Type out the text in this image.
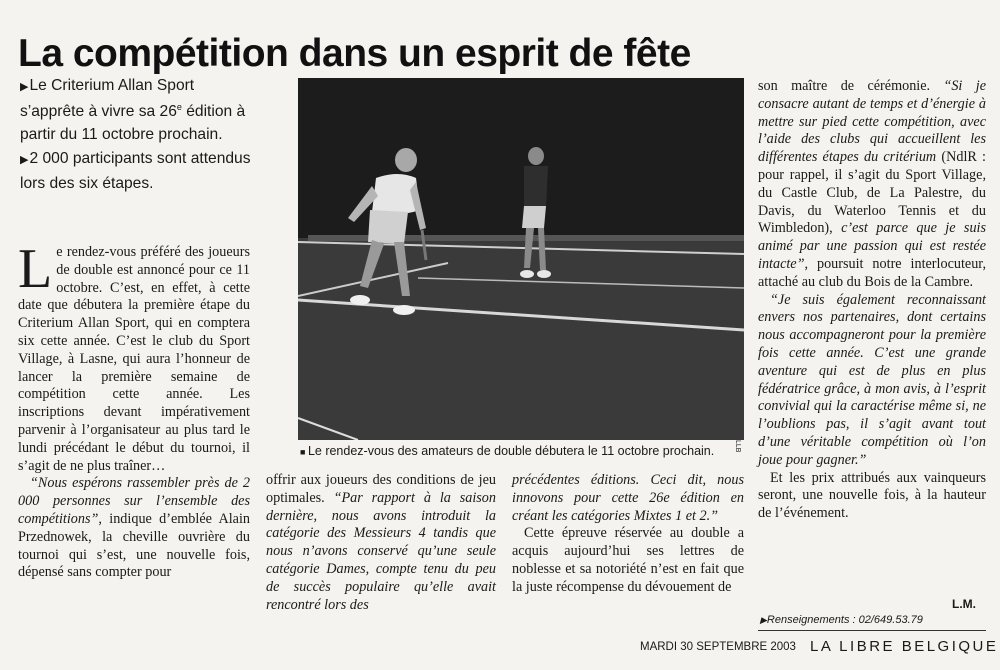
La compétition dans un esprit de fête

▶Le Criterium Allan Sport s’apprête à vivre sa 26e édition à partir du 11 octobre prochain.

▶2 000 participants sont attendus lors des six étapes.

Le rendez-vous préféré des joueurs de double est annoncé pour ce 11 octobre. C’est, en effet, à cette date que débutera la première étape du Criterium Allan Sport, qui en comptera six cette année. C’est le club du Sport Village, à Lasne, qui aura l’honneur de lancer la première semaine de compétition cette année. Les inscriptions devant impérativement parvenir à l’organisateur au plus tard le lundi précédant le début du tournoi, il s’agit de ne plus traîner…

“Nous espérons rassembler près de 2 000 personnes sur l’ensemble des compétitions”, indique d’emblée Alain Przednowek, la cheville ouvrière du tournoi qui s’est, une nouvelle fois, dépensé sans compter pour

LLB
■ Le rendez-vous des amateurs de double débutera le 11 octobre prochain.

offrir aux joueurs des conditions de jeu optimales. “Par rapport à la saison dernière, nous avons introduit la catégorie des Messieurs 4 tandis que nous n’avons conservé qu’une seule catégorie Dames, compte tenu du peu de succès populaire qu’elle avait rencontré lors des

précédentes éditions. Ceci dit, nous innovons pour cette 26e édition en créant les catégories Mixtes 1 et 2.”

Cette épreuve réservée au double a acquis aujourd’hui ses lettres de noblesse et sa notoriété n’est en fait que la juste récompense du dévouement de

son maître de cérémonie. “Si je consacre autant de temps et d’énergie à mettre sur pied cette compétition, avec l’aide des clubs qui accueillent les différentes étapes du critérium (NdlR : pour rappel, il s’agit du Sport Village, du Castle Club, de La Palestre, du Davis, du Waterloo Tennis et du Wimbledon), c’est parce que je suis animé par une passion qui est restée intacte”, poursuit notre interlocuteur, attaché au club du Bois de la Cambre.

“Je suis également reconnaissant envers nos partenaires, dont certains nous accompagneront pour la première fois cette année. C’est une grande aventure qui est de plus en plus fédératrice grâce, à mon avis, à l’esprit convivial qui la caractérise même si, ne l’oublions pas, il s’agit avant tout d’une véritable compétition où l’on joue pour gagner.”

Et les prix attribués aux vainqueurs seront, une nouvelle fois, à la hauteur de l’événement.

L.M.
▶Renseignements : 02/649.53.79
MARDI 30 SEPTEMBRE 2003 LA LIBRE BELGIQUE
